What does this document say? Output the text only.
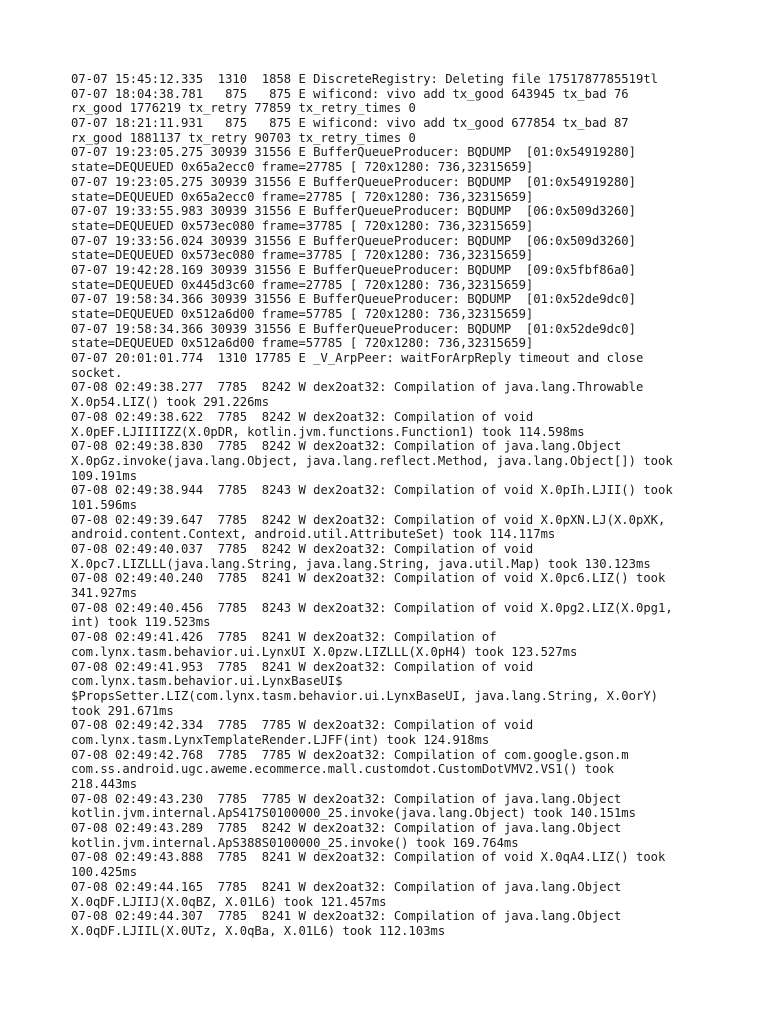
07-07 15:45:12.335  1310  1858 E DiscreteRegistry: Deleting file 1751787785519tl
07-07 18:04:38.781   875   875 E wificond: vivo add tx_good 643945 tx_bad 76
rx_good 1776219 tx_retry 77859 tx_retry_times 0
07-07 18:21:11.931   875   875 E wificond: vivo add tx_good 677854 tx_bad 87
rx_good 1881137 tx_retry 90703 tx_retry_times 0
07-07 19:23:05.275 30939 31556 E BufferQueueProducer: BQDUMP  [01:0x54919280]
state=DEQUEUED 0x65a2ecc0 frame=27785 [ 720x1280: 736,32315659]
07-07 19:23:05.275 30939 31556 E BufferQueueProducer: BQDUMP  [01:0x54919280]
state=DEQUEUED 0x65a2ecc0 frame=27785 [ 720x1280: 736,32315659]
07-07 19:33:55.983 30939 31556 E BufferQueueProducer: BQDUMP  [06:0x509d3260]
state=DEQUEUED 0x573ec080 frame=37785 [ 720x1280: 736,32315659]
07-07 19:33:56.024 30939 31556 E BufferQueueProducer: BQDUMP  [06:0x509d3260]
state=DEQUEUED 0x573ec080 frame=37785 [ 720x1280: 736,32315659]
07-07 19:42:28.169 30939 31556 E BufferQueueProducer: BQDUMP  [09:0x5fbf86a0]
state=DEQUEUED 0x445d3c60 frame=27785 [ 720x1280: 736,32315659]
07-07 19:58:34.366 30939 31556 E BufferQueueProducer: BQDUMP  [01:0x52de9dc0]
state=DEQUEUED 0x512a6d00 frame=57785 [ 720x1280: 736,32315659]
07-07 19:58:34.366 30939 31556 E BufferQueueProducer: BQDUMP  [01:0x52de9dc0]
state=DEQUEUED 0x512a6d00 frame=57785 [ 720x1280: 736,32315659]
07-07 20:01:01.774  1310 17785 E _V_ArpPeer: waitForArpReply timeout and close
socket.
07-08 02:49:38.277  7785  8242 W dex2oat32: Compilation of java.lang.Throwable
X.0p54.LIZ() took 291.226ms
07-08 02:49:38.622  7785  8242 W dex2oat32: Compilation of void
X.0pEF.LJIIIIZZ(X.0pDR, kotlin.jvm.functions.Function1) took 114.598ms
07-08 02:49:38.830  7785  8242 W dex2oat32: Compilation of java.lang.Object
X.0pGz.invoke(java.lang.Object, java.lang.reflect.Method, java.lang.Object[]) took
109.191ms
07-08 02:49:38.944  7785  8243 W dex2oat32: Compilation of void X.0pIh.LJII() took
101.596ms
07-08 02:49:39.647  7785  8242 W dex2oat32: Compilation of void X.0pXN.LJ(X.0pXK,
android.content.Context, android.util.AttributeSet) took 114.117ms
07-08 02:49:40.037  7785  8242 W dex2oat32: Compilation of void
X.0pc7.LIZLLL(java.lang.String, java.lang.String, java.util.Map) took 130.123ms
07-08 02:49:40.240  7785  8241 W dex2oat32: Compilation of void X.0pc6.LIZ() took
341.927ms
07-08 02:49:40.456  7785  8243 W dex2oat32: Compilation of void X.0pg2.LIZ(X.0pg1,
int) took 119.523ms
07-08 02:49:41.426  7785  8241 W dex2oat32: Compilation of
com.lynx.tasm.behavior.ui.LynxUI X.0pzw.LIZLLL(X.0pH4) took 123.527ms
07-08 02:49:41.953  7785  8241 W dex2oat32: Compilation of void
com.lynx.tasm.behavior.ui.LynxBaseUI$
$PropsSetter.LIZ(com.lynx.tasm.behavior.ui.LynxBaseUI, java.lang.String, X.0orY)
took 291.671ms
07-08 02:49:42.334  7785  7785 W dex2oat32: Compilation of void
com.lynx.tasm.LynxTemplateRender.LJFF(int) took 124.918ms
07-08 02:49:42.768  7785  7785 W dex2oat32: Compilation of com.google.gson.m
com.ss.android.ugc.aweme.ecommerce.mall.customdot.CustomDotVMV2.VS1() took
218.443ms
07-08 02:49:43.230  7785  7785 W dex2oat32: Compilation of java.lang.Object
kotlin.jvm.internal.ApS417S0100000_25.invoke(java.lang.Object) took 140.151ms
07-08 02:49:43.289  7785  8242 W dex2oat32: Compilation of java.lang.Object
kotlin.jvm.internal.ApS388S0100000_25.invoke() took 169.764ms
07-08 02:49:43.888  7785  8241 W dex2oat32: Compilation of void X.0qA4.LIZ() took
100.425ms
07-08 02:49:44.165  7785  8241 W dex2oat32: Compilation of java.lang.Object
X.0qDF.LJIIJ(X.0qBZ, X.01L6) took 121.457ms
07-08 02:49:44.307  7785  8241 W dex2oat32: Compilation of java.lang.Object
X.0qDF.LJIIL(X.0UTz, X.0qBa, X.01L6) took 112.103ms
